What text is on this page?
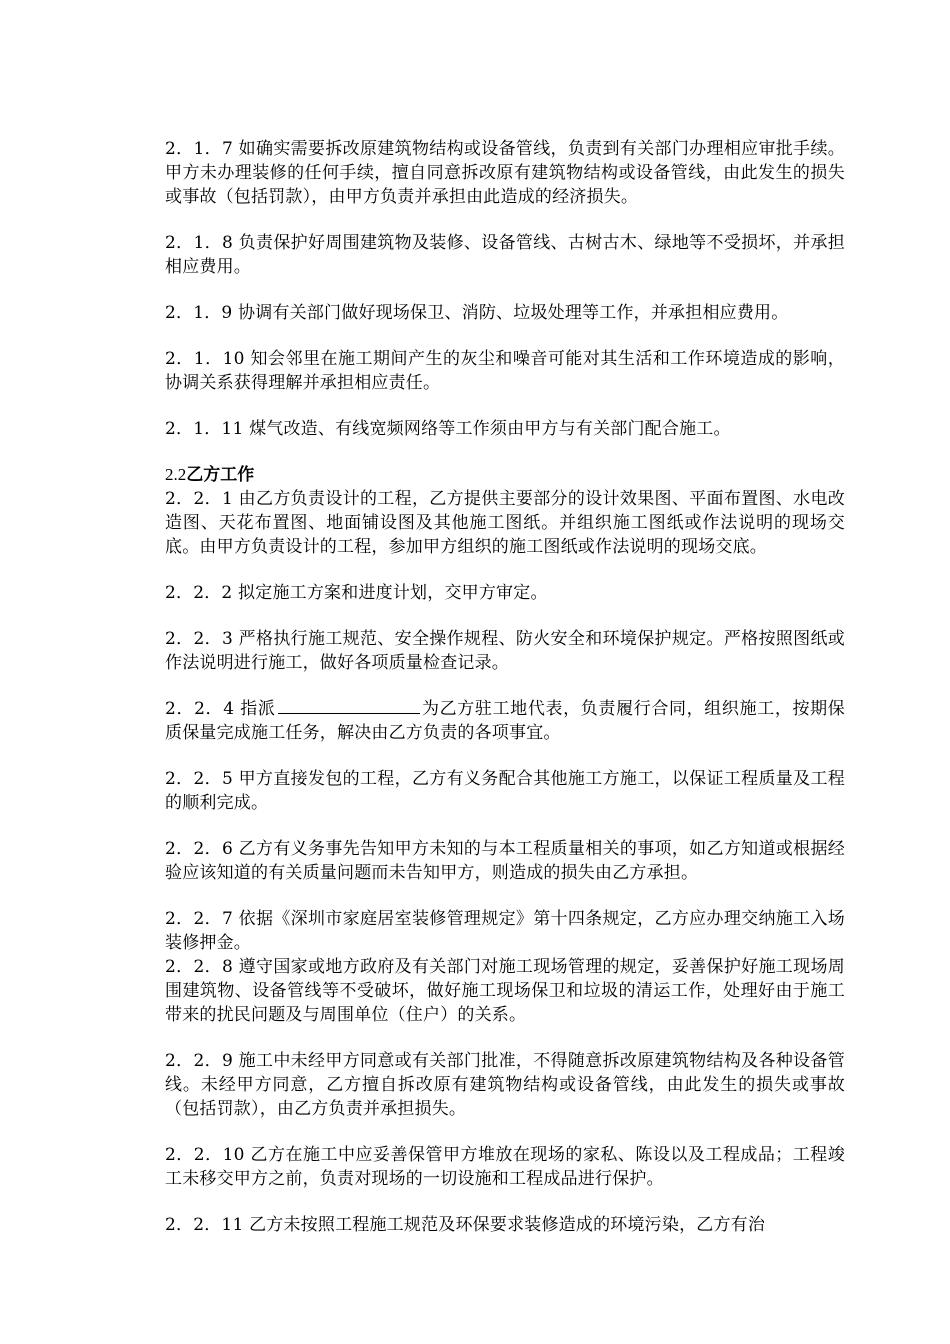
2．1．7 如确实需要拆改原建筑物结构或设备管线，负责到有关部门办理相应审批手续。甲方未办理装修的任何手续，擅自同意拆改原有建筑物结构或设备管线，由此发生的损失或事故（包括罚款），由甲方负责并承担由此造成的经济损失。

2．1．8 负责保护好周围建筑物及装修、设备管线、古树古木、绿地等不受损坏，并承担相应费用。

2．1．9 协调有关部门做好现场保卫、消防、垃圾处理等工作，并承担相应费用。

2．1．10 知会邻里在施工期间产生的灰尘和噪音可能对其生活和工作环境造成的影响，协调关系获得理解并承担相应责任。

2．1．11 煤气改造、有线宽频网络等工作须由甲方与有关部门配合施工。

2.2乙方工作

2．2．1 由乙方负责设计的工程，乙方提供主要部分的设计效果图、平面布置图、水电改造图、天花布置图、地面铺设图及其他施工图纸。并组织施工图纸或作法说明的现场交底。由甲方负责设计的工程，参加甲方组织的施工图纸或作法说明的现场交底。

2．2．2 拟定施工方案和进度计划，交甲方审定。

2．2．3 严格执行施工规范、安全操作规程、防火安全和环境保护规定。严格按照图纸或作法说明进行施工，做好各项质量检查记录。

2．2．4 指派	为乙方驻工地代表，负责履行合同，组织施工，按期保质保量完成施工任务，解决由乙方负责的各项事宜。

2．2．5 甲方直接发包的工程，乙方有义务配合其他施工方施工，以保证工程质量及工程的顺利完成。

2．2．6 乙方有义务事先告知甲方未知的与本工程质量相关的事项，如乙方知道或根据经验应该知道的有关质量问题而未告知甲方，则造成的损失由乙方承担。

2．2．7 依据《深圳市家庭居室装修管理规定》第十四条规定，乙方应办理交纳施工入场装修押金。

2．2．8 遵守国家或地方政府及有关部门对施工现场管理的规定，妥善保护好施工现场周围建筑物、设备管线等不受破坏，做好施工现场保卫和垃圾的清运工作，处理好由于施工带来的扰民问题及与周围单位（住户）的关系。

2．2．9 施工中未经甲方同意或有关部门批准，不得随意拆改原建筑物结构及各种设备管线。未经甲方同意，乙方擅自拆改原有建筑物结构或设备管线，由此发生的损失或事故（包括罚款），由乙方负责并承担损失。

2．2．10 乙方在施工中应妥善保管甲方堆放在现场的家私、陈设以及工程成品；工程竣工未移交甲方之前，负责对现场的一切设施和工程成品进行保护。

2．2．11 乙方未按照工程施工规范及环保要求装修造成的环境污染，乙方有治
